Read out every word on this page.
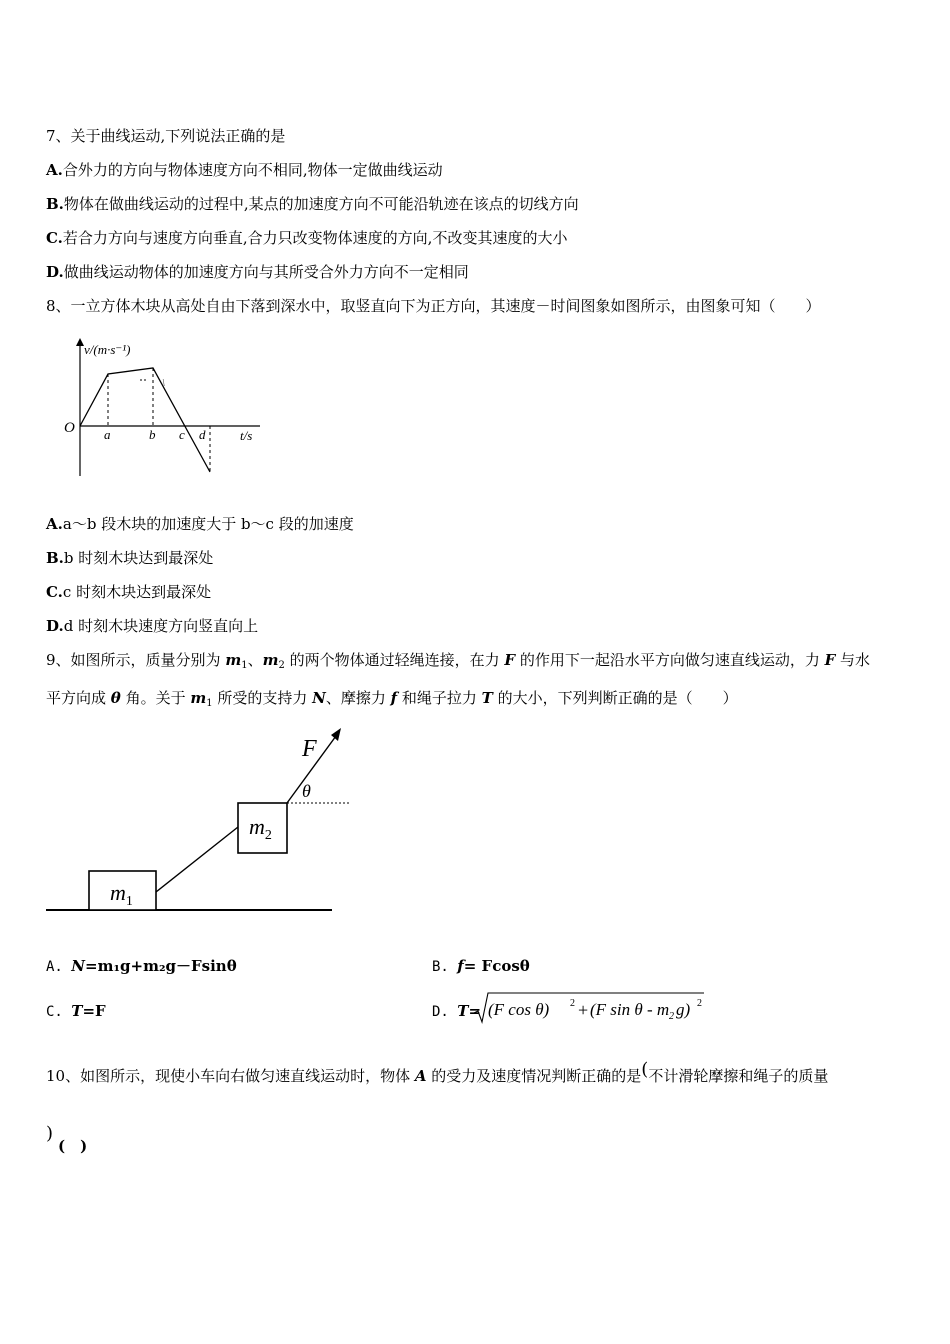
7、关于曲线运动,下列说法正确的是
A.合外力的方向与物体速度方向不相同,物体一定做曲线运动
B.物体在做曲线运动的过程中,某点的加速度方向不可能沿轨迹在该点的切线方向
C.若合力方向与速度方向垂直,合力只改变物体速度的方向,不改变其速度的大小
D.做曲线运动物体的加速度方向与其所受合外力方向不一定相同
8、一立方体木块从高处自由下落到深水中，取竖直向下为正方向，其速度－时间图象如图所示，由图象可知（　　）
v/(m·s⁻¹)
t/s
O
\
a	b c d
A.a～b 段木块的加速度大于 b～c 段的加速度
B.b 时刻木块达到最深处
C.c 时刻木块达到最深处
D.d 时刻木块速度方向竖直向上
9、如图所示，质量分别为 $m_1$、$m_2$ 的两个物体通过轻绳连接，在力 F 的作用下一起沿水平方向做匀速直线运动，力 F 与水
平方向成 θ 角。关于 $m_1$ 所受的支持力 N、摩擦力 f 和绳子拉力 T 的大小，下列判断正确的是（　　）
$m_1$
$m_2$
F
θ
A. N=m₁g+m₂g－Fsinθ	B. f= Fcosθ
C. T=F	D. T= (F cos θ) 2 + (F sin θ - m 2 g) 2
10、如图所示，现使小车向右做匀速直线运动时，物体 A 的受力及速度情况判断正确的是(不计滑轮摩擦和绳子的质量
)
(　)
